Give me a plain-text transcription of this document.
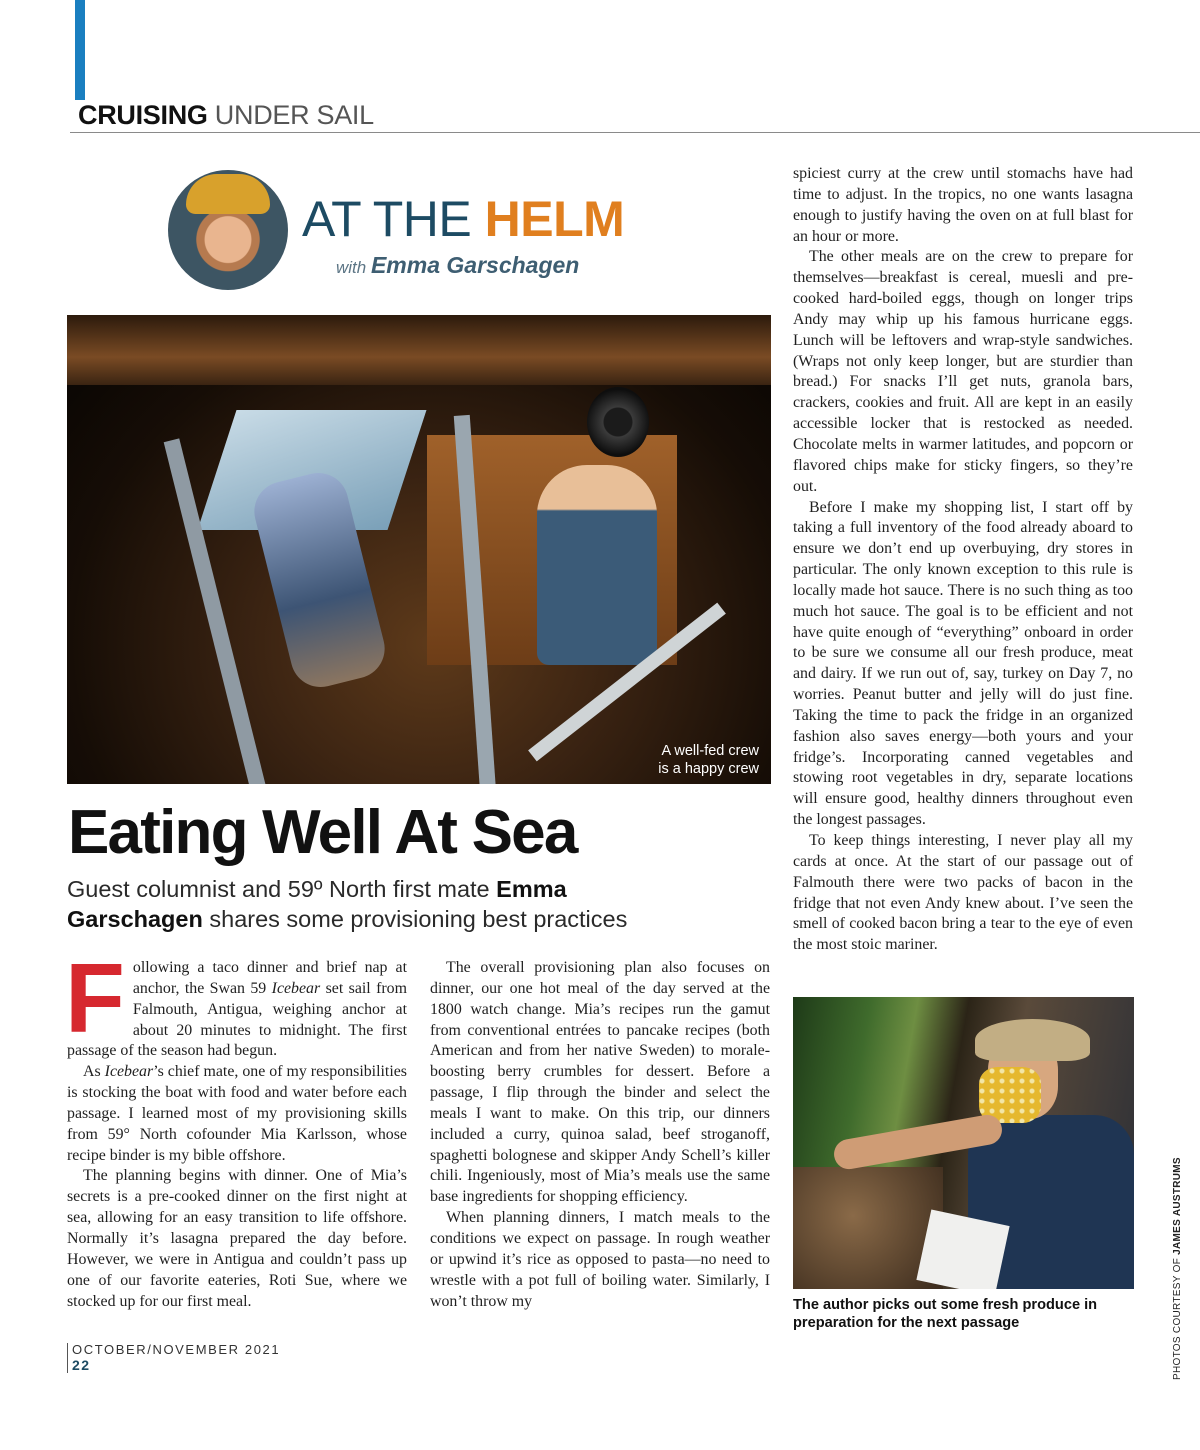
CRUISING UNDER SAIL
AT THE HELM
with Emma Garschagen
A well-fed crew
is a happy crew
Eating Well At Sea
Guest columnist and 59º North first mate Emma
Garschagen shares some provisioning best practices

Following a taco dinner and brief nap at anchor, the Swan 59 Icebear set sail from Falmouth, Antigua, weighing anchor at about 20 minutes to midnight. The first passage of the season had begun.

As Icebear’s chief mate, one of my responsibilities is stocking the boat with food and water before each passage. I learned most of my provisioning skills from 59° North cofounder Mia Karlsson, whose recipe binder is my bible offshore.

The planning begins with dinner. One of Mia’s secrets is a pre-cooked dinner on the first night at sea, allowing for an easy transition to life offshore. Normally it’s lasagna prepared the day before. However, we were in Antigua and couldn’t pass up one of our favorite eateries, Roti Sue, where we stocked up for our first meal.

The overall provisioning plan also focuses on dinner, our one hot meal of the day served at the 1800 watch change. Mia’s recipes run the gamut from conventional entrées to pancake recipes (both American and from her native Sweden) to morale-boosting berry crumbles for dessert. Before a passage, I flip through the binder and select the meals I want to make. On this trip, our dinners included a curry, quinoa salad, beef stroganoff, spaghetti bolognese and skipper Andy Schell’s killer chili. Ingeniously, most of Mia’s meals use the same base ingredients for shopping efficiency.

When planning dinners, I match meals to the conditions we expect on passage. In rough weather or upwind it’s rice as opposed to pasta—no need to wrestle with a pot full of boiling water. Similarly, I won’t throw my

spiciest curry at the crew until stomachs have had time to adjust. In the tropics, no one wants lasagna enough to justify having the oven on at full blast for an hour or more.

The other meals are on the crew to prepare for themselves—breakfast is cereal, muesli and pre-cooked hard-boiled eggs, though on longer trips Andy may whip up his famous hurricane eggs. Lunch will be leftovers and wrap-style sandwiches. (Wraps not only keep longer, but are sturdier than bread.) For snacks I’ll get nuts, granola bars, crackers, cookies and fruit. All are kept in an easily accessible locker that is restocked as needed. Chocolate melts in warmer latitudes, and popcorn or flavored chips make for sticky fingers, so they’re out.

Before I make my shopping list, I start off by taking a full inventory of the food already aboard to ensure we don’t end up overbuying, dry stores in particular. The only known exception to this rule is locally made hot sauce. There is no such thing as too much hot sauce. The goal is to be efficient and not have quite enough of “everything” onboard in order to be sure we consume all our fresh produce, meat and dairy. If we run out of, say, turkey on Day 7, no worries. Peanut butter and jelly will do just fine. Taking the time to pack the fridge in an organized fashion also saves energy—both yours and your fridge’s. Incorporating canned vegetables and stowing root vegetables in dry, separate locations will ensure good, healthy dinners throughout even the longest passages.

To keep things interesting, I never play all my cards at once. At the start of our passage out of Falmouth there were two packs of bacon in the fridge that not even Andy knew about. I’ve seen the smell of cooked bacon bring a tear to the eye of even the most stoic mariner.

The author picks out some fresh produce in
preparation for the next passage	PHOTOS COURTESY OF JAMES AUSTRUMS
OCTOBER/NOVEMBER 2021
22
